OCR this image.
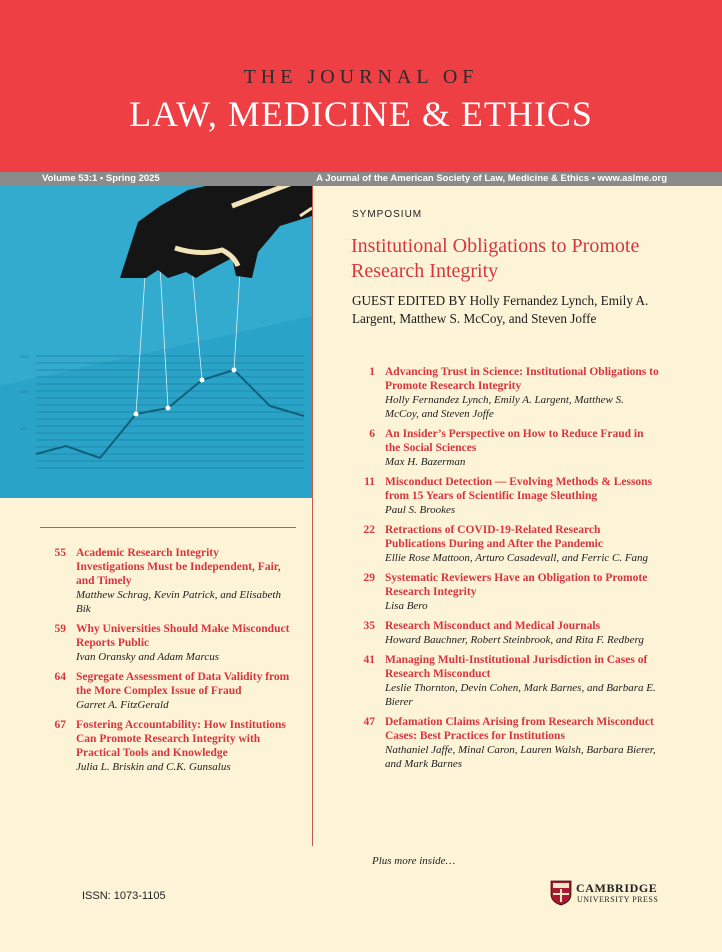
THE JOURNAL OF
LAW, MEDICINE & ETHICS
Volume 53:1 • Spring 2025	A Journal of the American Society of Law, Medicine & Ethics • www.aslme.org
1500
1000
500
SYMPOSIUM
Institutional Obligations to Promote Research Integrity
GUEST EDITED BY Holly Fernandez Lynch, Emily A. Largent, Matthew S. McCoy, and Steven Joffe
1 Advancing Trust in Science: Institutional Obligations to Promote Research Integrity
Holly Fernandez Lynch, Emily A. Largent, Matthew S. McCoy, and Steven Joffe
6 An Insider’s Perspective on How to Reduce Fraud in the Social Sciences
Max H. Bazerman
11 Misconduct Detection — Evolving Methods & Lessons from 15 Years of Scientific Image Sleuthing
Paul S. Brookes
22 Retractions of COVID-19-Related Research Publications During and After the Pandemic
Ellie Rose Mattoon, Arturo Casadevall, and Ferric C. Fang
29 Systematic Reviewers Have an Obligation to Promote Research Integrity
Lisa Bero
35 Research Misconduct and Medical Journals
Howard Bauchner, Robert Steinbrook, and Rita F. Redberg
41 Managing Multi-Institutional Jurisdiction in Cases of Research Misconduct
Leslie Thornton, Devin Cohen, Mark Barnes, and Barbara E. Bierer
47 Defamation Claims Arising from Research Misconduct Cases: Best Practices for Institutions
Nathaniel Jaffe, Minal Caron, Lauren Walsh, Barbara Bierer, and Mark Barnes
55 Academic Research Integrity Investigations Must be Independent, Fair, and Timely
Matthew Schrag, Kevin Patrick, and Elisabeth Bik
59 Why Universities Should Make Misconduct Reports Public
Ivan Oransky and Adam Marcus
64 Segregate Assessment of Data Validity from the More Complex Issue of Fraud
Garret A. FitzGerald
67 Fostering Accountability: How Institutions Can Promote Research Integrity with Practical Tools and Knowledge
Julia L. Briskin and C.K. Gunsalus
Plus more inside…
ISSN: 1073-1105
CAMBRIDGE
UNIVERSITY PRESS
